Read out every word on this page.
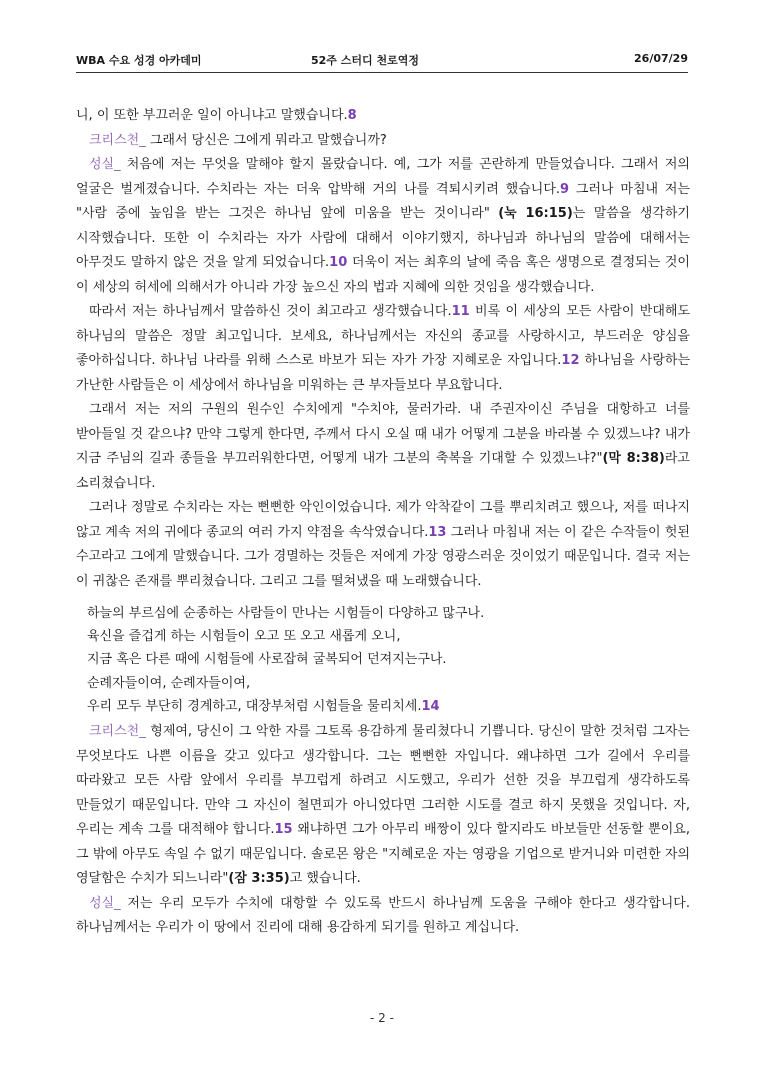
WBA 수요 성경 아카데미	52주 스터디 천로역정	26/07/29

니, 이 또한 부끄러운 일이 아니냐고 말했습니다.8

크리스천_ 그래서 당신은 그에게 뭐라고 말했습니까?

성실_ 처음에 저는 무엇을 말해야 할지 몰랐습니다. 예, 그가 저를 곤란하게 만들었습니다. 그래서 저의 얼굴은 벌게졌습니다. 수치라는 자는 더욱 압박해 거의 나를 격퇴시키려 했습니다.9 그러나 마침내 저는 "사람 중에 높임을 받는 그것은 하나님 앞에 미움을 받는 것이니라" (눅 16:15)는 말씀을 생각하기 시작했습니다. 또한 이 수치라는 자가 사람에 대해서 이야기했지, 하나님과 하나님의 말씀에 대해서는 아무것도 말하지 않은 것을 알게 되었습니다.10 더욱이 저는 최후의 날에 죽음 혹은 생명으로 결정되는 것이 이 세상의 허세에 의해서가 아니라 가장 높으신 자의 법과 지혜에 의한 것임을 생각했습니다.

따라서 저는 하나님께서 말씀하신 것이 최고라고 생각했습니다.11 비록 이 세상의 모든 사람이 반대해도 하나님의 말씀은 정말 최고입니다. 보세요, 하나님께서는 자신의 종교를 사랑하시고, 부드러운 양심을 좋아하십니다. 하나님 나라를 위해 스스로 바보가 되는 자가 가장 지혜로운 자입니다.12 하나님을 사랑하는 가난한 사람들은 이 세상에서 하나님을 미워하는 큰 부자들보다 부요합니다.

그래서 저는 저의 구원의 원수인 수치에게 "수치야, 물러가라. 내 주권자이신 주님을 대항하고 너를 받아들일 것 같으냐? 만약 그렇게 한다면, 주께서 다시 오실 때 내가 어떻게 그분을 바라볼 수 있겠느냐? 내가 지금 주님의 길과 종들을 부끄러워한다면, 어떻게 내가 그분의 축복을 기대할 수 있겠느냐?"(막 8:38)라고 소리쳤습니다.

그러나 정말로 수치라는 자는 뻔뻔한 악인이었습니다. 제가 악착같이 그를 뿌리치려고 했으나, 저를 떠나지 않고 계속 저의 귀에다 종교의 여러 가지 약점을 속삭였습니다.13 그러나 마침내 저는 이 같은 수작들이 헛된 수고라고 그에게 말했습니다. 그가 경멸하는 것들은 저에게 가장 영광스러운 것이었기 때문입니다. 결국 저는 이 귀찮은 존재를 뿌리쳤습니다. 그리고 그를 떨쳐냈을 때 노래했습니다.

하늘의 부르심에 순종하는 사람들이 만나는 시험들이 다양하고 많구나.
육신을 즐겁게 하는 시험들이 오고 또 오고 새롭게 오니,
지금 혹은 다른 때에 시험들에 사로잡혀 굴복되어 던져지는구나.
순례자들이여, 순례자들이여,
우리 모두 부단히 경계하고, 대장부처럼 시험들을 물리치세.14

크리스천_ 형제여, 당신이 그 악한 자를 그토록 용감하게 물리쳤다니 기쁩니다. 당신이 말한 것처럼 그자는 무엇보다도 나쁜 이름을 갖고 있다고 생각합니다. 그는 뻔뻔한 자입니다. 왜냐하면 그가 길에서 우리를 따라왔고 모든 사람 앞에서 우리를 부끄럽게 하려고 시도했고, 우리가 선한 것을 부끄럽게 생각하도록 만들었기 때문입니다. 만약 그 자신이 철면피가 아니었다면 그러한 시도를 결코 하지 못했을 것입니다. 자, 우리는 계속 그를 대적해야 합니다.15 왜냐하면 그가 아무리 배짱이 있다 할지라도 바보들만 선동할 뿐이요, 그 밖에 아무도 속일 수 없기 때문입니다. 솔로몬 왕은 "지혜로운 자는 영광을 기업으로 받거니와 미련한 자의 영달함은 수치가 되느니라"(잠 3:35)고 했습니다.

성실_ 저는 우리 모두가 수치에 대항할 수 있도록 반드시 하나님께 도움을 구해야 한다고 생각합니다. 하나님께서는 우리가 이 땅에서 진리에 대해 용감하게 되기를 원하고 계십니다.

- 2 -
